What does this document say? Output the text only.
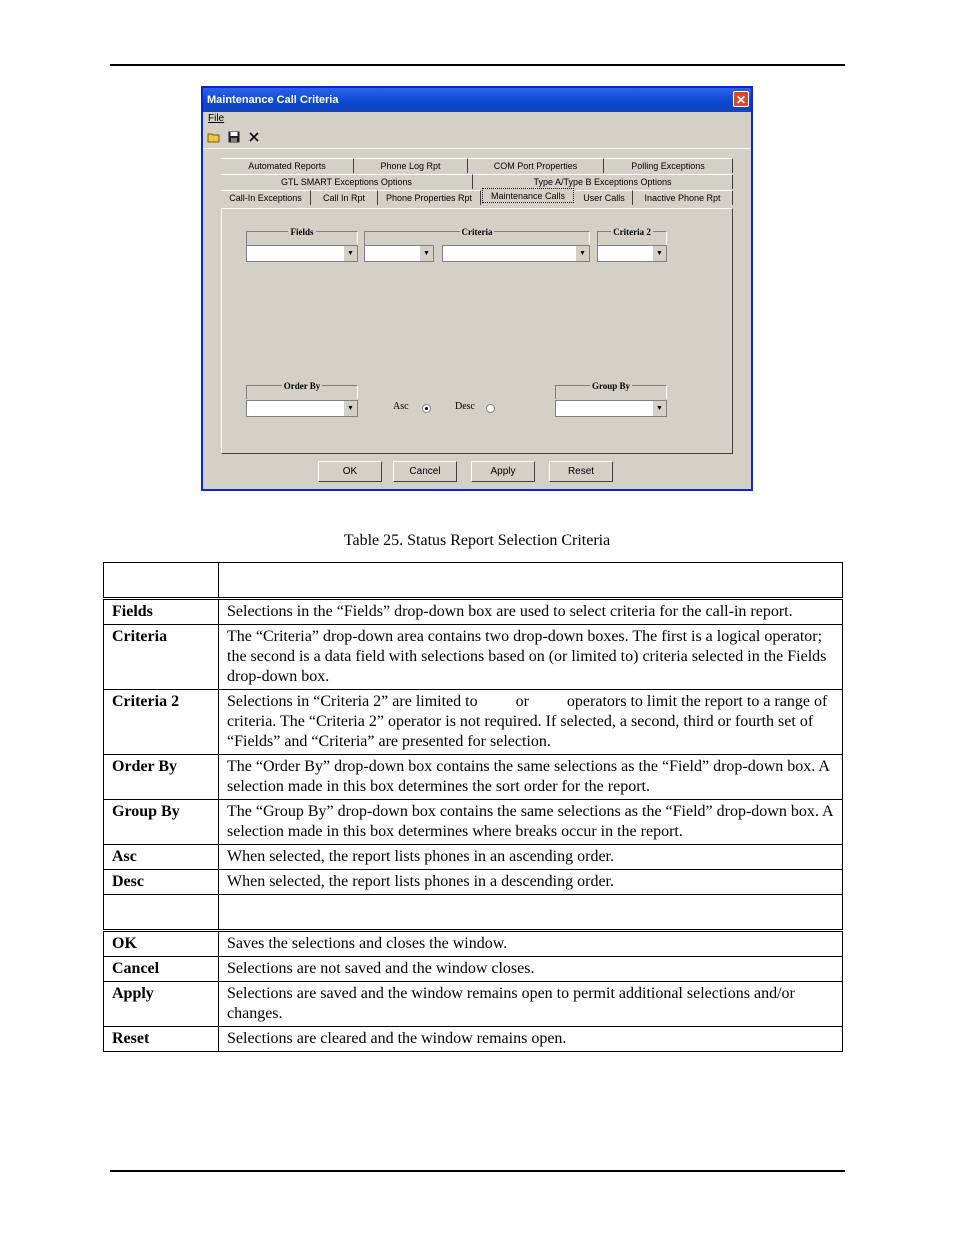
Maintenance Call Criteria	✕
File
Automated Reports	Phone Log Rpt	COM Port Properties	Polling Exceptions
GTL SMART Exceptions Options	Type A/Type B Exceptions Options
Call-In Exceptions	Call In Rpt	Phone Properties Rpt	Maintenance Calls	User Calls	Inactive Phone Rpt
Fields
▼
Criteria
▼	▼
Criteria 2
▼
Order By
▼	Asc	Desc
Group By
▼
OK	Cancel	Apply	Reset
Table 25. Status Report Selection Criteria

Fields	Selections in the “Fields” drop-down box are used to select criteria for the call-in report.
Criteria	The “Criteria” drop-down area contains two drop-down boxes. The first is a logical operator; the second is a data field with selections based on (or limited to) criteria selected in the Fields drop-down box.
Criteria 2	Selections in “Criteria 2” are limited to or operators to limit the report to a range of criteria. The “Criteria 2” operator is not required. If selected, a second, third or fourth set of “Fields” and “Criteria” are presented for selection.
Order By	The “Order By” drop-down box contains the same selections as the “Field” drop-down box. A selection made in this box determines the sort order for the report.
Group By	The “Group By” drop-down box contains the same selections as the “Field” drop-down box. A selection made in this box determines where breaks occur in the report.
Asc	When selected, the report lists phones in an ascending order.
Desc	When selected, the report lists phones in a descending order.

OK	Saves the selections and closes the window.
Cancel	Selections are not saved and the window closes.
Apply	Selections are saved and the window remains open to permit additional selections and/or changes.
Reset	Selections are cleared and the window remains open.
